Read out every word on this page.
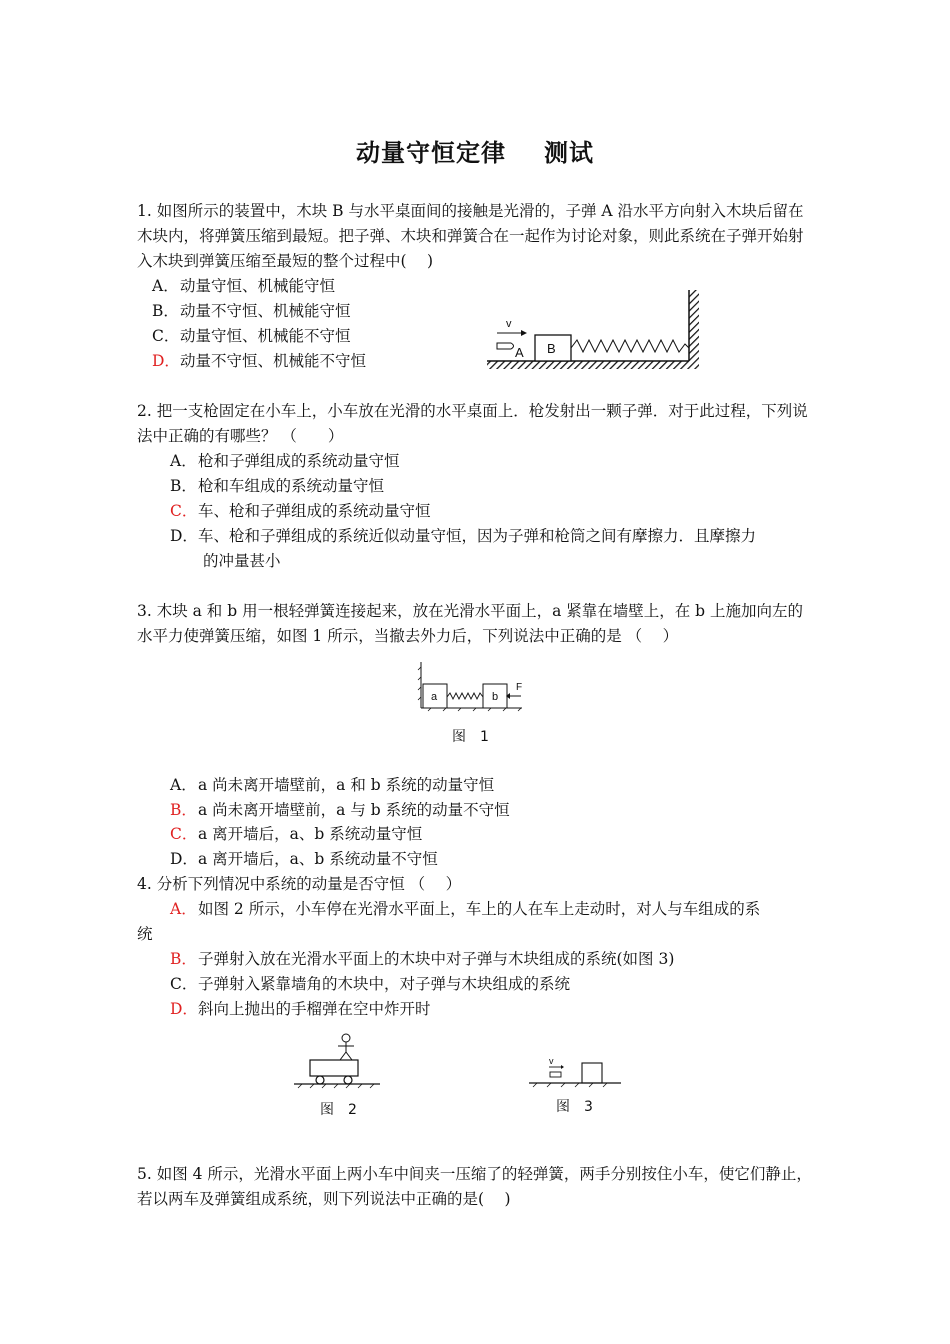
动量守恒定律 测试
1. 如图所示的装置中，木块 B 与水平桌面间的接触是光滑的，子弹 A 沿水平方向射入木块后留在木块内，将弹簧压缩到最短。把子弹、木块和弹簧合在一起作为讨论对象，则此系统在子弹开始射入木块到弹簧压缩至最短的整个过程中(　 )
A．动量守恒、机械能守恒
B．动量不守恒、机械能守恒
C．动量守恒、机械能不守恒
D．动量不守恒、机械能不守恒
B
v
A
2. 把一支枪固定在小车上，小车放在光滑的水平桌面上．枪发射出一颗子弹．对于此过程，下列说法中正确的有哪些？ （　　）
A．枪和子弹组成的系统动量守恒
B．枪和车组成的系统动量守恒
C．车、枪和子弹组成的系统动量守恒
D．车、枪和子弹组成的系统近似动量守恒，因为子弹和枪筒之间有摩擦力．且摩擦力
的冲量甚小
3. 木块 a 和 b 用一根轻弹簧连接起来，放在光滑水平面上，a 紧靠在墙壁上，在 b 上施加向左的水平力使弹簧压缩，如图 1 所示，当撤去外力后，下列说法中正确的是 （　 ）
a	b
F
图　1
A．a 尚未离开墙壁前，a 和 b 系统的动量守恒
B．a 尚未离开墙壁前，a 与 b 系统的动量不守恒
C．a 离开墙后，a、b 系统动量守恒
D．a 离开墙后，a、b 系统动量不守恒
4. 分析下列情况中系统的动量是否守恒 （　 ）
A．如图 2 所示，小车停在光滑水平面上，车上的人在车上走动时，对人与车组成的系
统
B．子弹射入放在光滑水平面上的木块中对子弹与木块组成的系统(如图 3)
C．子弹射入紧靠墙角的木块中，对子弹与木块组成的系统
D．斜向上抛出的手榴弹在空中炸开时
图　2
v
图　3
5. 如图 4 所示，光滑水平面上两小车中间夹一压缩了的轻弹簧，两手分别按住小车，使它们静止，若以两车及弹簧组成系统，则下列说法中正确的是(　 )
